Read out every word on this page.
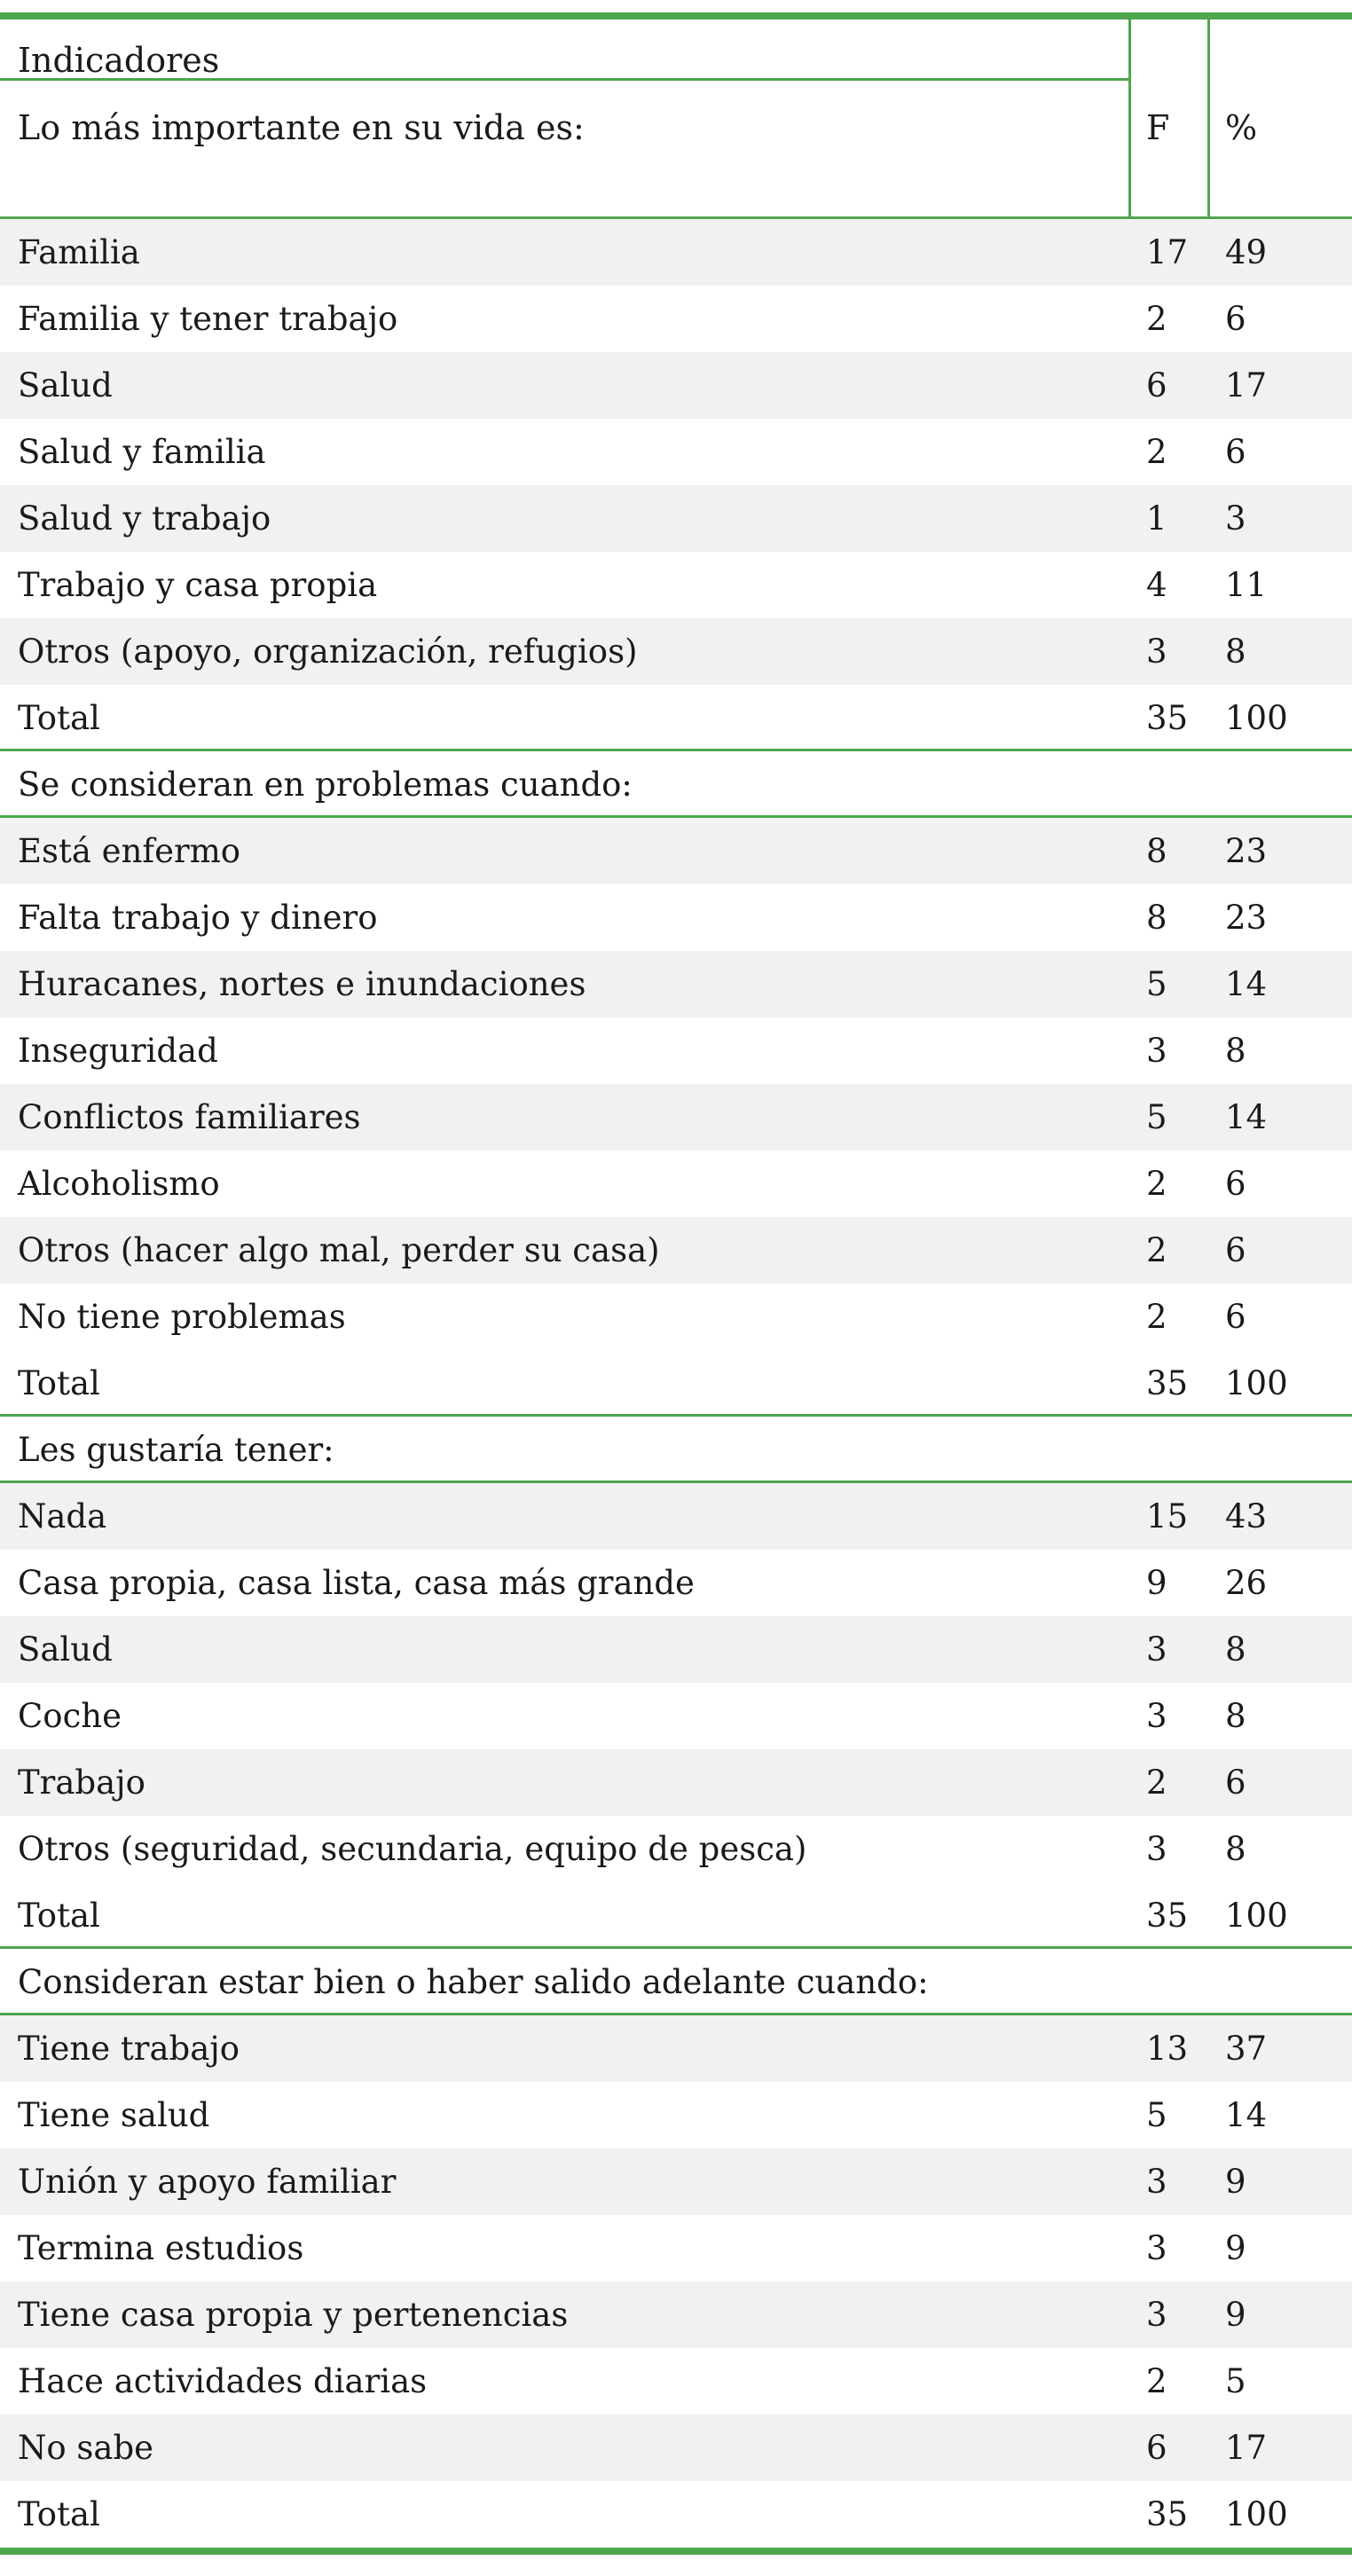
Indicadores
Lo más importante en su vida es:	F %
Familia	17 49
Familia y tener trabajo	2 6
Salud	6 17
Salud y familia	2 6
Salud y trabajo	1 3
Trabajo y casa propia	4 11
Otros (apoyo, organización, refugios)	3 8
Total	35 100
Se consideran en problemas cuando:
Está enfermo	8 23
Falta trabajo y dinero	8 23
Huracanes, nortes e inundaciones	5 14
Inseguridad	3 8
Conflictos familiares	5 14
Alcoholismo	2 6
Otros (hacer algo mal, perder su casa)	2 6
No tiene problemas	2 6
Total	35 100
Les gustaría tener:
Nada	15 43
Casa propia, casa lista, casa más grande	9 26
Salud	3 8
Coche	3 8
Trabajo	2 6
Otros (seguridad, secundaria, equipo de pesca)	3 8
Total	35 100
Consideran estar bien o haber salido adelante cuando:
Tiene trabajo	13 37
Tiene salud	5 14
Unión y apoyo familiar	3 9
Termina estudios	3 9
Tiene casa propia y pertenencias	3 9
Hace actividades diarias	2 5
No sabe	6 17
Total	35 100
